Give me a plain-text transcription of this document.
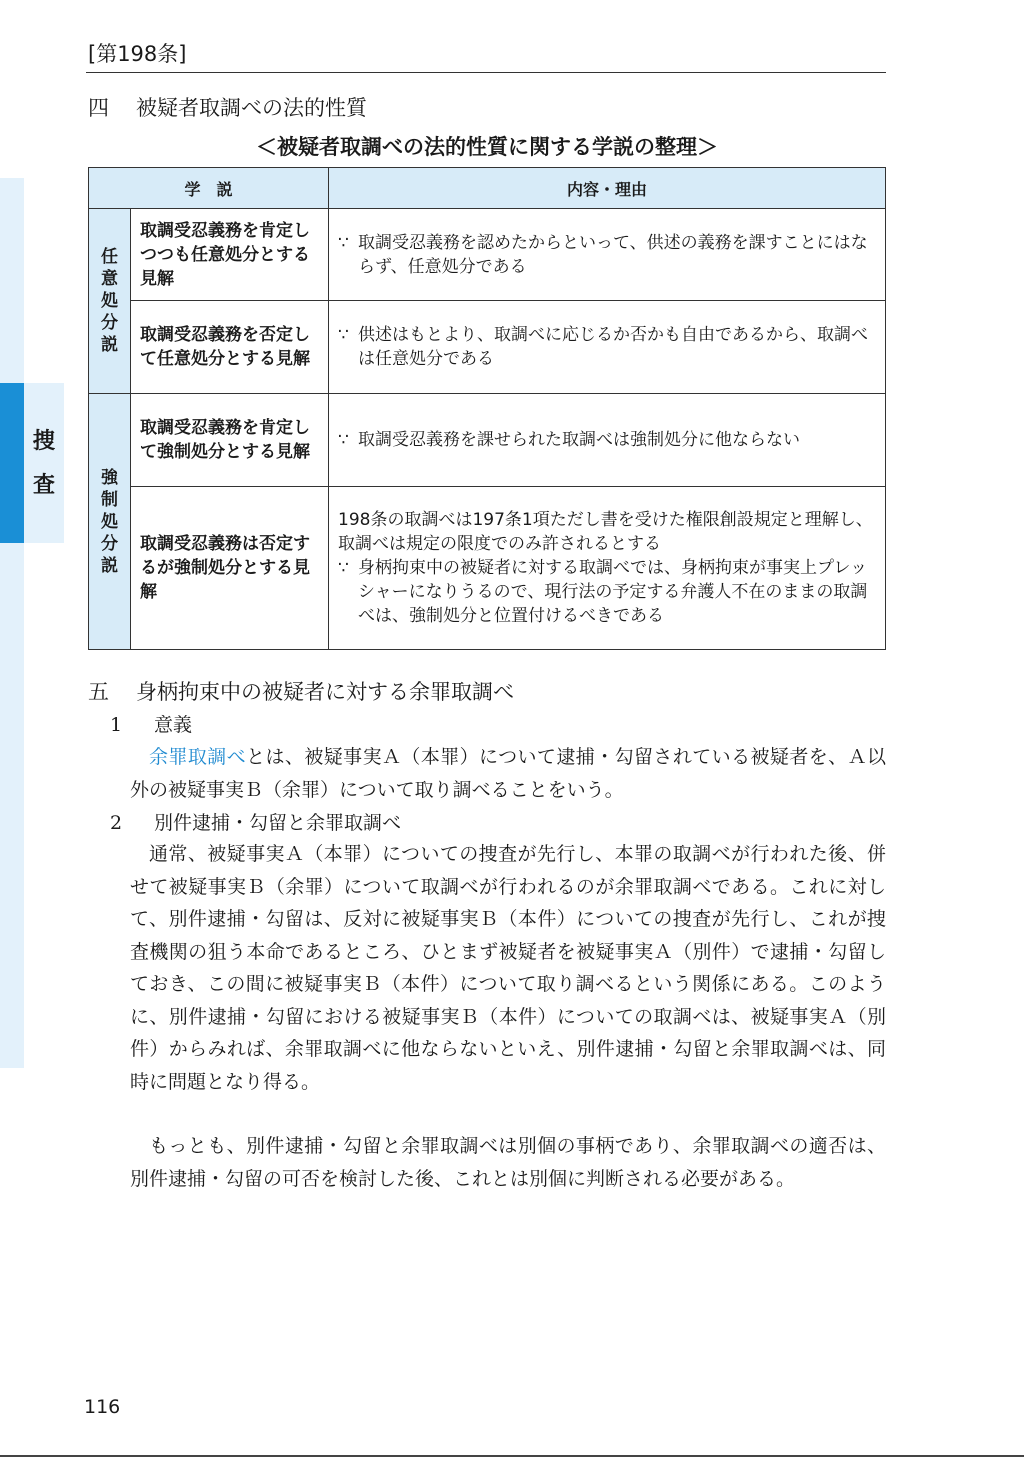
捜査
[第198条]
四 被疑者取調べの法的性質
＜被疑者取調べの法的性質に関する学説の整理＞
学　説		内容・理由
任意処分説	取調受忍義務を肯定しつつも任意処分とする見解	∵ 取調受忍義務を認めたからといって、供述の義務を課すことにはならず、任意処分である

	取調受忍義務を否定して任意処分とする見解	∵ 供述はもとより、取調べに応じるか否かも自由であるから、取調べは任意処分である

強制処分説	取調受忍義務を肯定して強制処分とする見解	∵ 取調受忍義務を課せられた取調べは強制処分に他ならない

	取調受忍義務は否定するが強制処分とする見解	198条の取調べは197条1項ただし書を受けた権限創設規定と理解し、取調べは規定の限度でのみ許されるとする
∵ 身柄拘束中の被疑者に対する取調べでは、身柄拘束が事実上プレッシャーになりうるので、現行法の予定する弁護人不在のままの取調べは、強制処分と位置付けるべきである
五 身柄拘束中の被疑者に対する余罪取調べ
1 意義

余罪取調べとは、被疑事実Ａ（本罪）について逮捕・勾留されている被疑者を、Ａ以外の被疑事実Ｂ（余罪）について取り調べることをいう。

2 別件逮捕・勾留と余罪取調べ

通常、被疑事実Ａ（本罪）についての捜査が先行し、本罪の取調べが行われた後、併せて被疑事実Ｂ（余罪）について取調べが行われるのが余罪取調べである。これに対して、別件逮捕・勾留は、反対に被疑事実Ｂ（本件）についての捜査が先行し、これが捜査機関の狙う本命であるところ、ひとまず被疑者を被疑事実Ａ（別件）で逮捕・勾留しておき、この間に被疑事実Ｂ（本件）について取り調べるという関係にある。このように、別件逮捕・勾留における被疑事実Ｂ（本件）についての取調べは、被疑事実Ａ（別件）からみれば、余罪取調べに他ならないといえ、別件逮捕・勾留と余罪取調べは、同時に問題となり得る。

もっとも、別件逮捕・勾留と余罪取調べは別個の事柄であり、余罪取調べの適否は、別件逮捕・勾留の可否を検討した後、これとは別個に判断される必要がある。

116
